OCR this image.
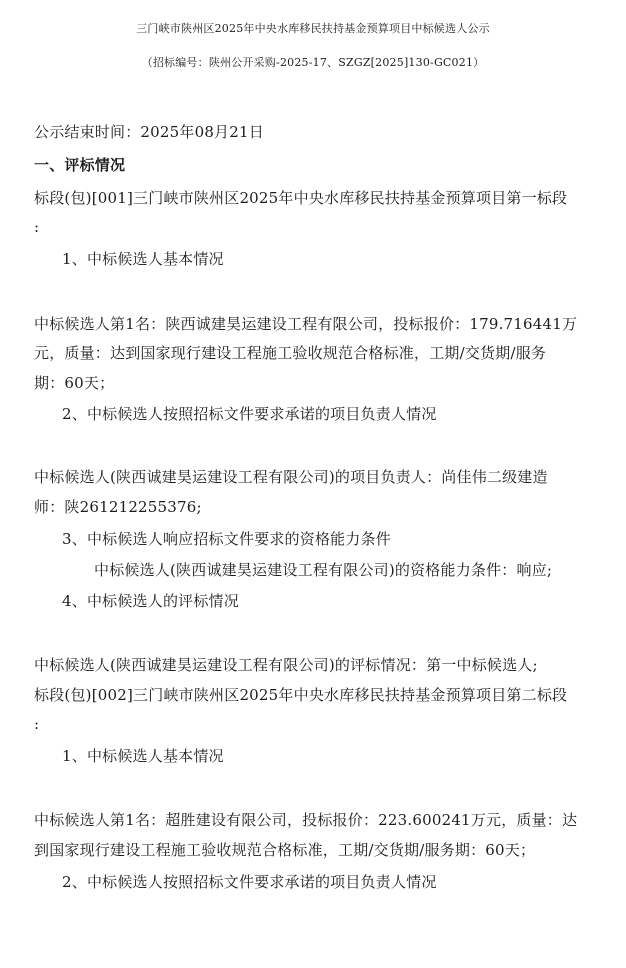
三门峡市陕州区2025年中央水库移民扶持基金预算项目中标候选人公示
（招标编号：陕州公开采购-2025-17、SZGZ[2025]130-GC021）
公示结束时间：2025年08月21日
一、评标情况
标段(包)[001]三门峡市陕州区2025年中央水库移民扶持基金预算项目第一标段
:
1、中标候选人基本情况
中标候选人第1名：陕西诚建昊运建设工程有限公司，投标报价：179.716441万
元，质量：达到国家现行建设工程施工验收规范合格标准，工期/交货期/服务
期：60天；
2、中标候选人按照招标文件要求承诺的项目负责人情况
中标候选人(陕西诚建昊运建设工程有限公司)的项目负责人：尚佳伟二级建造
师：陕261212255376;
3、中标候选人响应招标文件要求的资格能力条件
中标候选人(陕西诚建昊运建设工程有限公司)的资格能力条件：响应;
4、中标候选人的评标情况
中标候选人(陕西诚建昊运建设工程有限公司)的评标情况：第一中标候选人;
标段(包)[002]三门峡市陕州区2025年中央水库移民扶持基金预算项目第二标段
:
1、中标候选人基本情况
中标候选人第1名：超胜建设有限公司，投标报价：223.600241万元，质量：达
到国家现行建设工程施工验收规范合格标准，工期/交货期/服务期：60天；
2、中标候选人按照招标文件要求承诺的项目负责人情况
